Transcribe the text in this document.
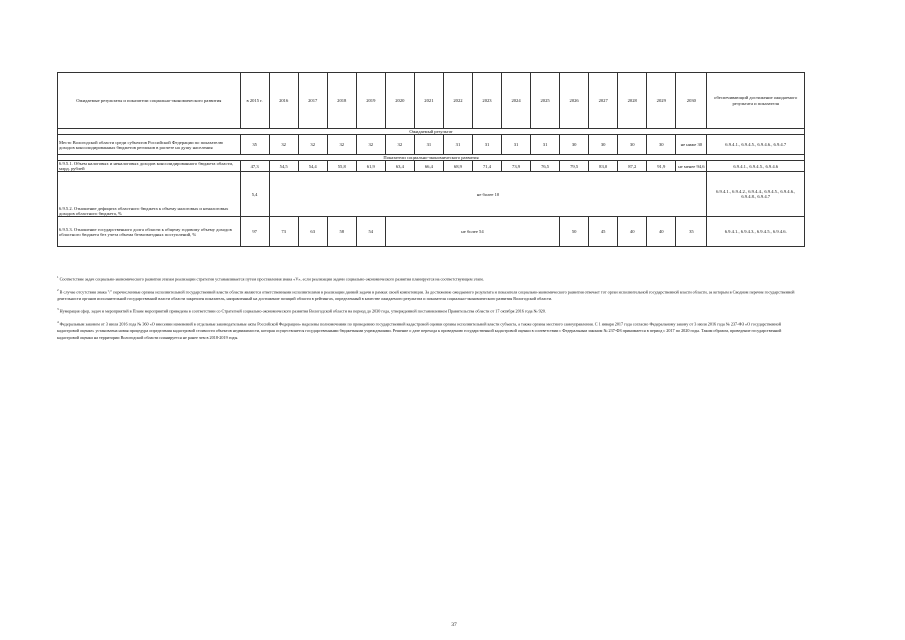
Ожидаемые результаты и показатели социально-экономического развития	в 2015 г.	2016	2017	2018	2019	2020	2021	2022	2023	2024	2025	2026	2027	2028	2029	2030	обеспечивающий достижение ожидаемого результата и показателя
Ожидаемый результат																	
Место Вологодской области среди субъектов Российской Федерации по показателю доходов консолидированных бюджетов регионов в расчете на душу населения	35	32	32	32	32	32	31	31	31	31	31	30	30	30	30	не ниже 30	6.9.4.1., 6.9.4.5., 6.9.4.6., 6.9.4.7
Показатели социально-экономического развития																	
6.9.5.1. Объем налоговых и неналоговых доходов консолидированного бюджета области, млрд. рублей	47,3	54,5	54,4	55,8	61,9	63,4	66,4	68,9	71,4	73,9	76,5	79,5	83,0	87,2	91,9	не менее 94,6	6.9.4.1., 6.9.4.5., 6.9.4.6
6.9.5.2. Отношение дефицита областного бюджета к объему налоговых и неналоговых доходов областного бюджета, %	5,4	не более 10															6.9.4.1., 6.9.4.2., 6.9.4.4., 6.9.4.5., 6.9.4.6., 6.9.4.8., 6.9.4.7
6.9.5.3. Отношение государственного долга области к общему годовому объему доходов областного бюджета без учета объема безвозмездных поступлений, %	97	73	63	58	54	не более 54						50	45	40	40	35	6.9.4.1., 6.9.4.3., 6.9.4.5., 6.9.4.6.

$^1$ Соответствие задач социально-экономического развития этапам реализации стратегии устанавливается путем проставления знака «V», если реализация задачи социально-экономического развития планируется на соответствующем этапе.

$^2$ В случае отсутствия знака "/" перечисленные органы исполнительной государственной власти области являются ответственными исполнителями в реализации данной задачи в рамках своей компетенции. За достижение ожидаемого результата и показателя социально-экономического развития отвечает тот орган исполнительной государственной власти области, за которым в Сводном перечне государственной деятельности органов исполнительной государственной власти области закреплен показатель, направленный на достижение позиций области в рейтингах, определенный в качестве ожидаемого результата и показателя социально-экономического развития Вологодской области.

$^3$ Нумерация сфер, задач и мероприятий в Плане мероприятий приведена в соответствии со Стратегией социально-экономического развития Вологодской области на период до 2030 года, утвержденной постановлением Правительства области от 17 октября 2016 года № 920.

$^4$ Федеральным законом от 3 июля 2016 года № 360 «О внесении изменений в отдельные законодательные акты Российской Федерации» наделены полномочиями по проведению государственной кадастровой оценки органы исполнительной власти субъекта, а также органы местного самоуправления. С 1 января 2017 года согласно Федеральному закону от 3 июля 2016 года № 237-ФЗ «О государственной кадастровой оценке» установлена новая процедура определения кадастровой стоимости объектов недвижимости, которая осуществляется государственными бюджетными учреждениями. Решение о дате перехода к проведению государственной кадастровой оценки в соответствии с Федеральным законом № 237-ФЗ принимается в период с 2017 по 2020 годы. Таким образом, проведение государственной кадастровой оценки на территории Вологодской области планируется не ранее чем в 2018-2019 годы.

37
